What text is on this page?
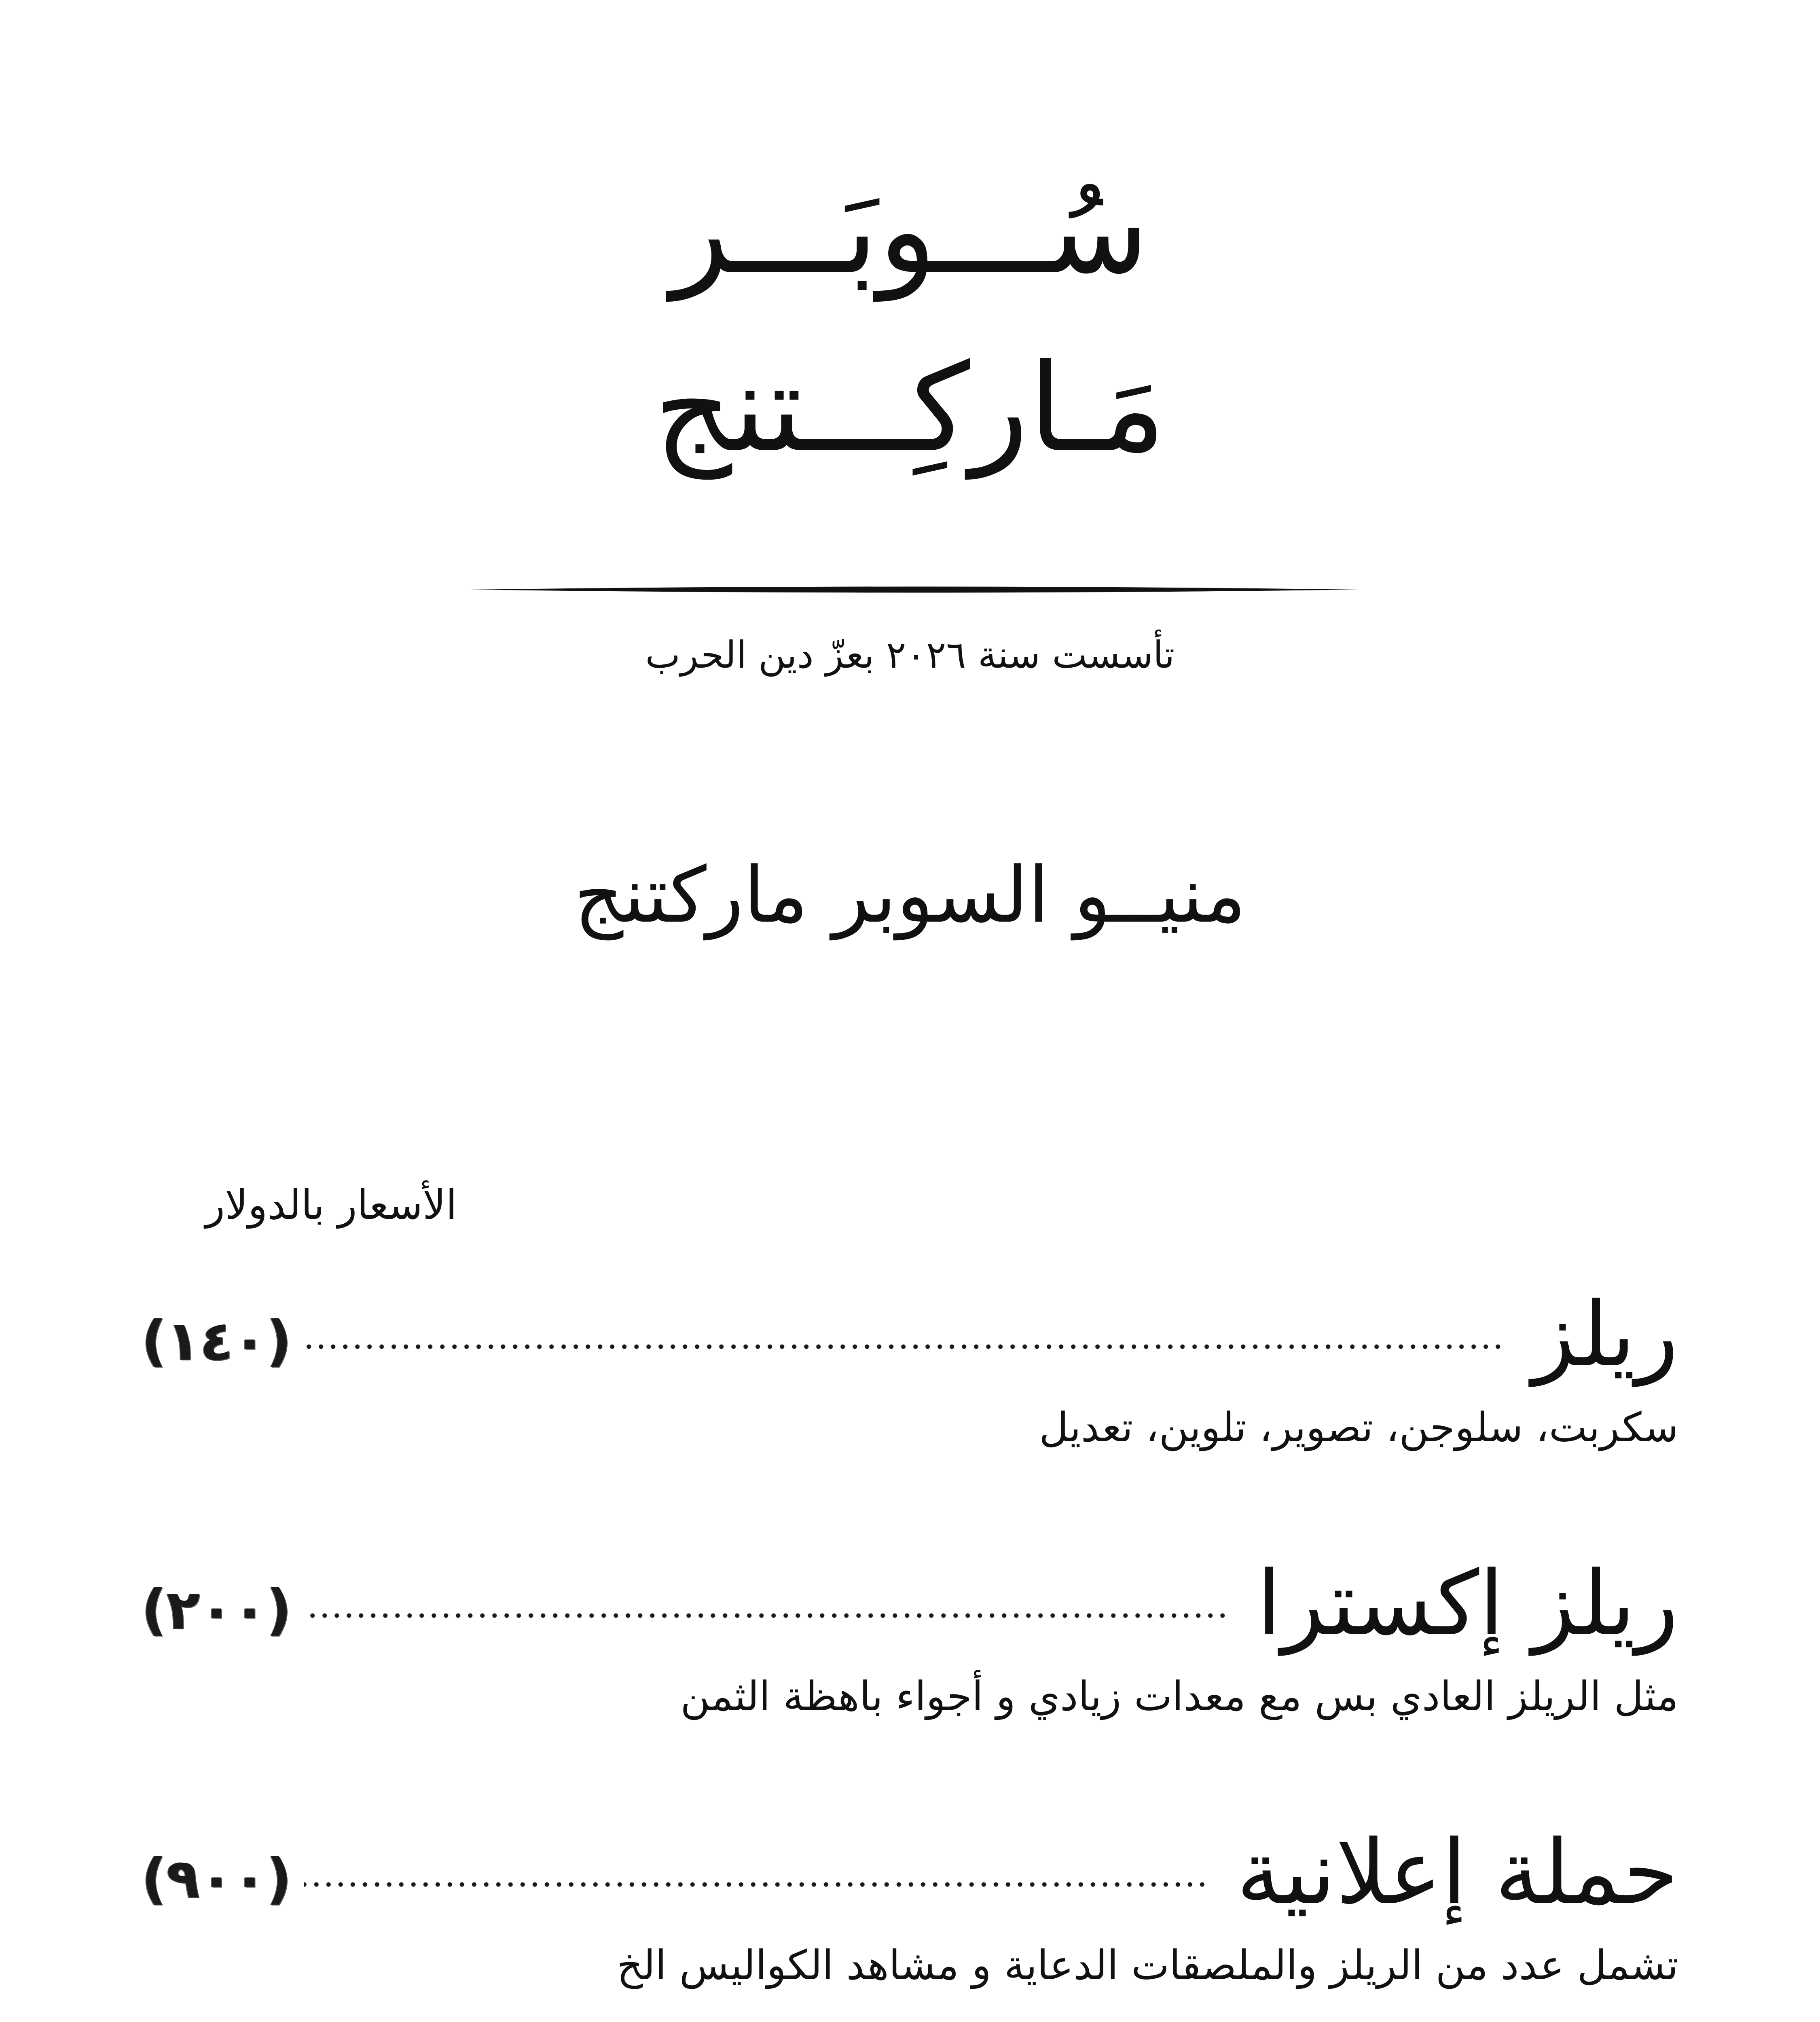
سُـــوبَـــر
مَـاركِـــتنج
تأسست سنة ٢٠٢٦ بعزّ دين الحرب
منيــو السوبر ماركتنج
الأسعار بالدولار
ريلز
(١٤٠)
سكربت، سلوجن، تصوير، تلوين، تعديل
ريلز إكسترا
(٢٠٠)
مثل الريلز العادي بس مع معدات زيادي و أجواء باهظة الثمن
حملة إعلانية
(٩٠٠)
تشمل عدد من الريلز والملصقات الدعاية و مشاهد الكواليس الخ
